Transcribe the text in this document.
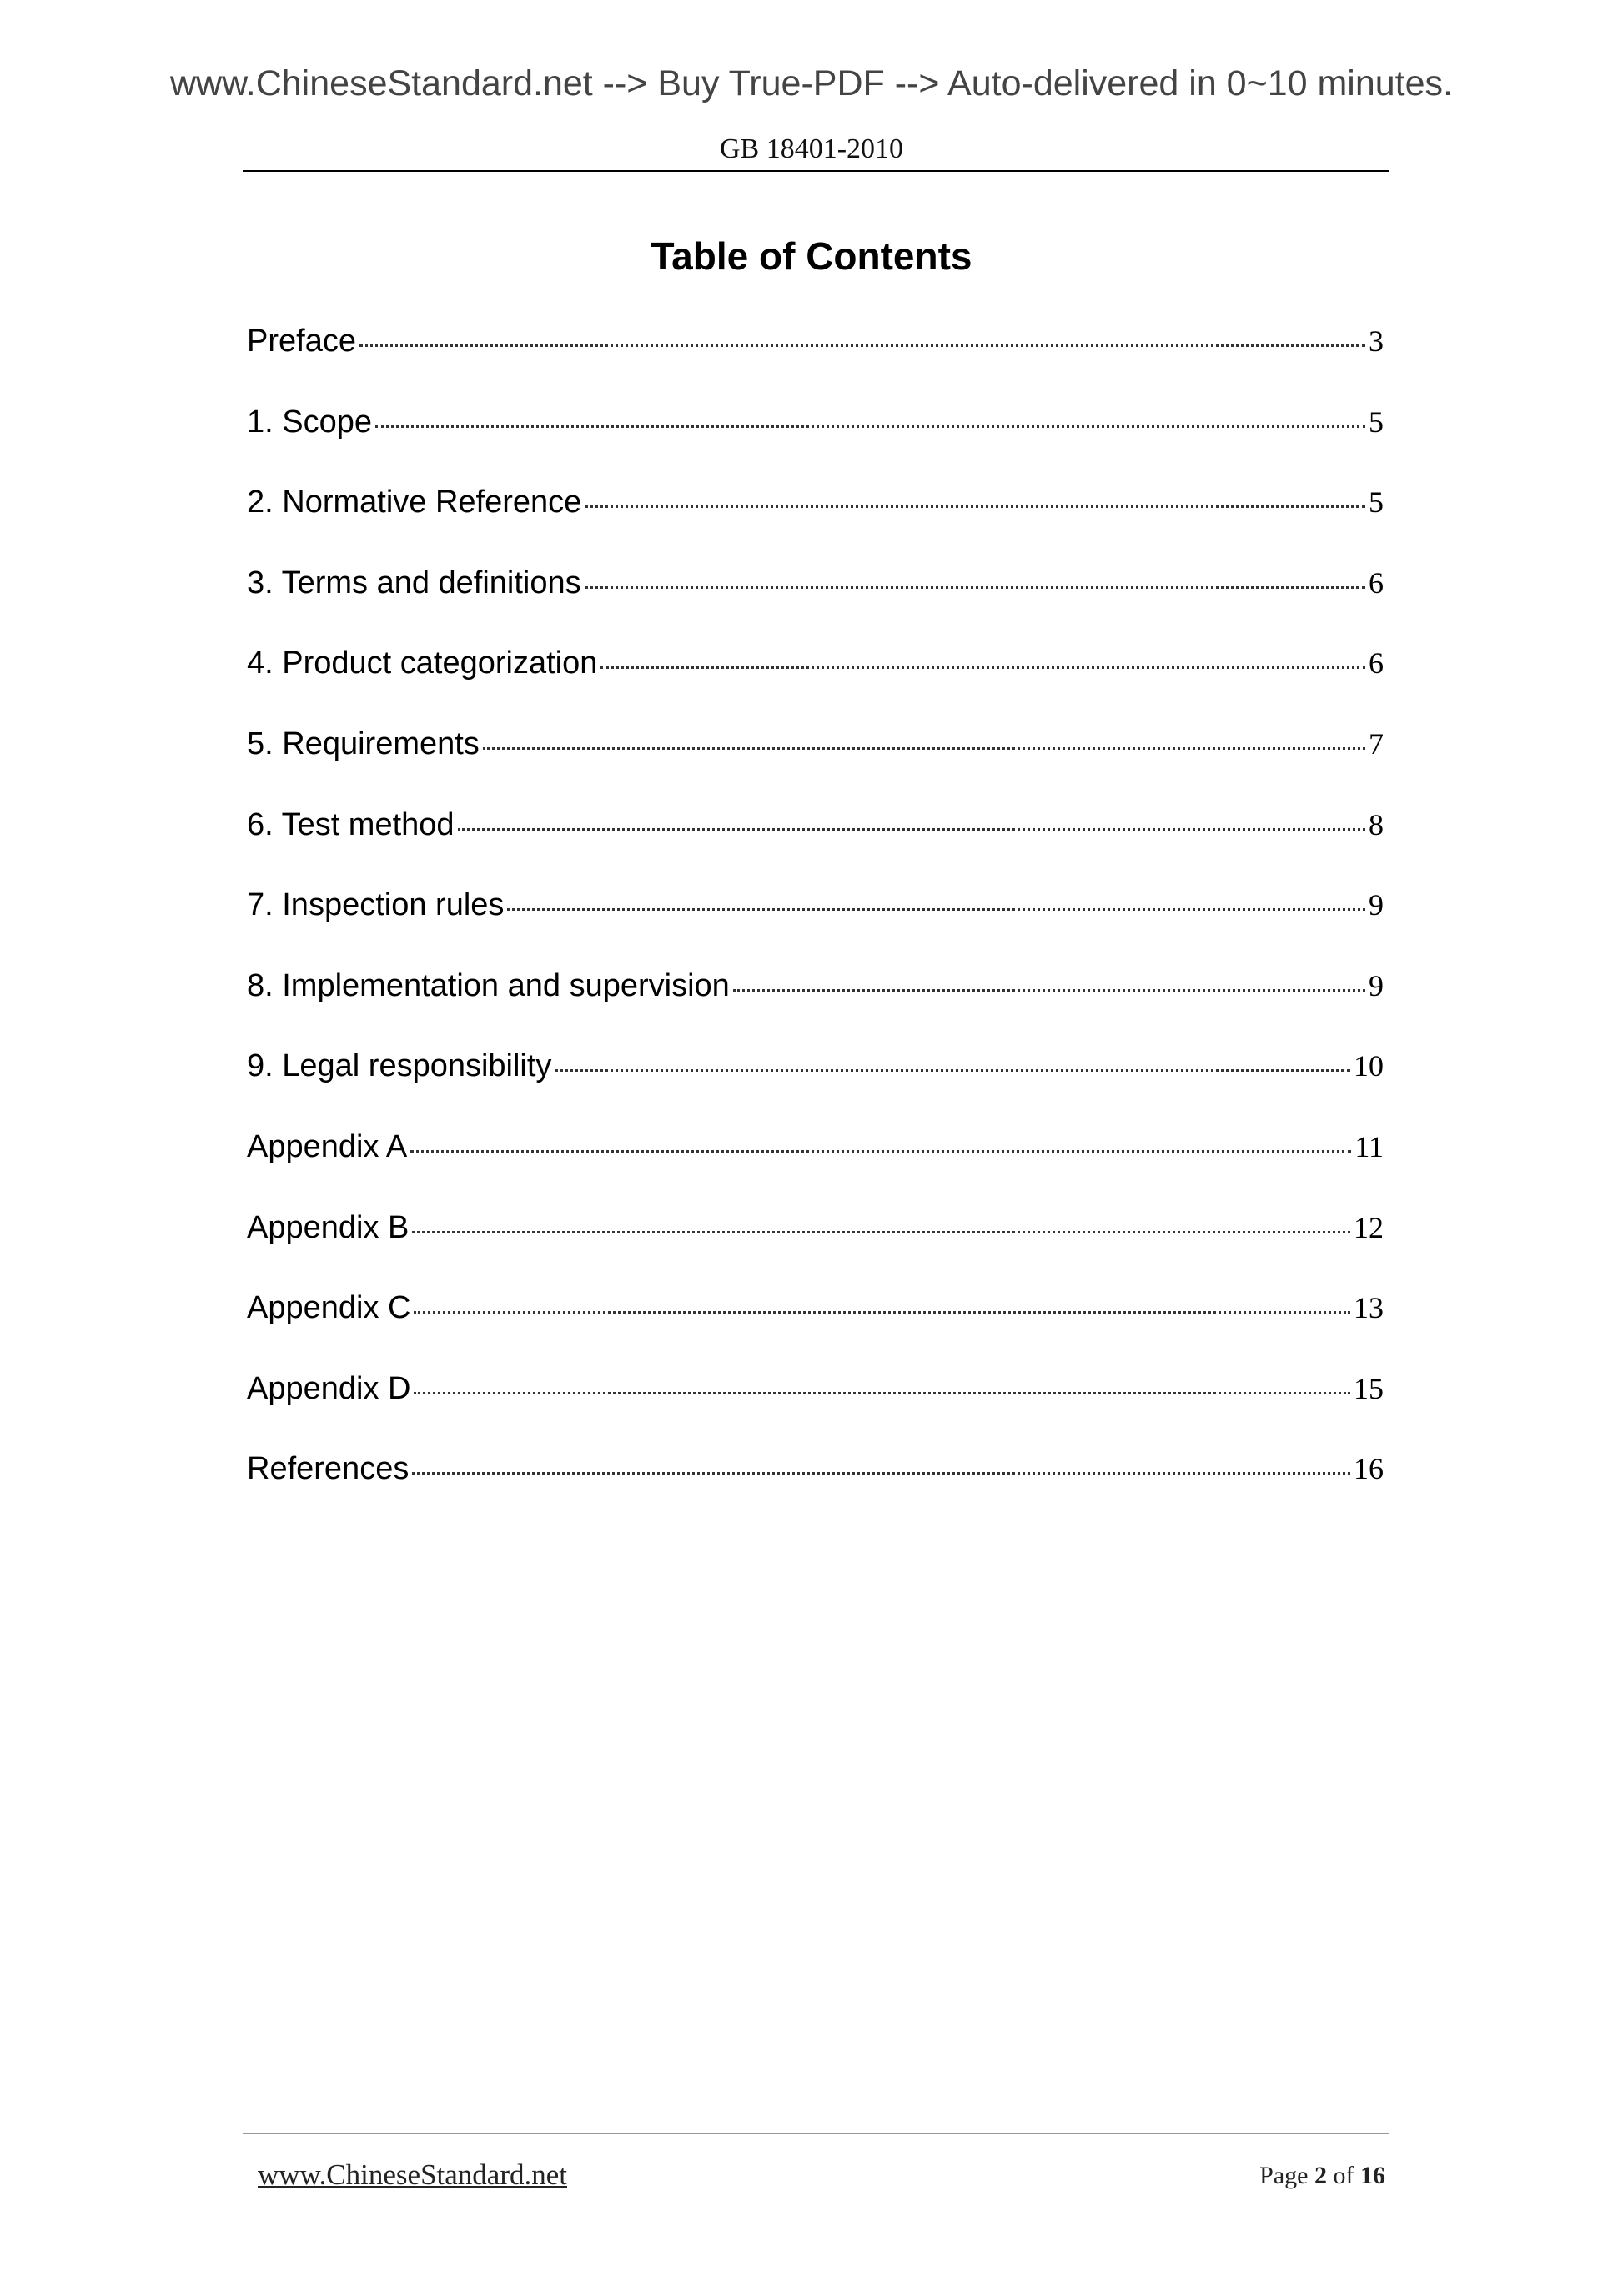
www.ChineseStandard.net --> Buy True-PDF --> Auto-delivered in 0~10 minutes.
GB 18401-2010
Table of Contents
Preface	3
1. Scope	5
2. Normative Reference	5
3. Terms and definitions	6
4. Product categorization	6
5. Requirements	7
6. Test method	8
7. Inspection rules	9
8. Implementation and supervision	9
9. Legal responsibility	10
Appendix A	11
Appendix B	12
Appendix C	13
Appendix D	15
References	16
www.ChineseStandard.net	Page 2 of 16
